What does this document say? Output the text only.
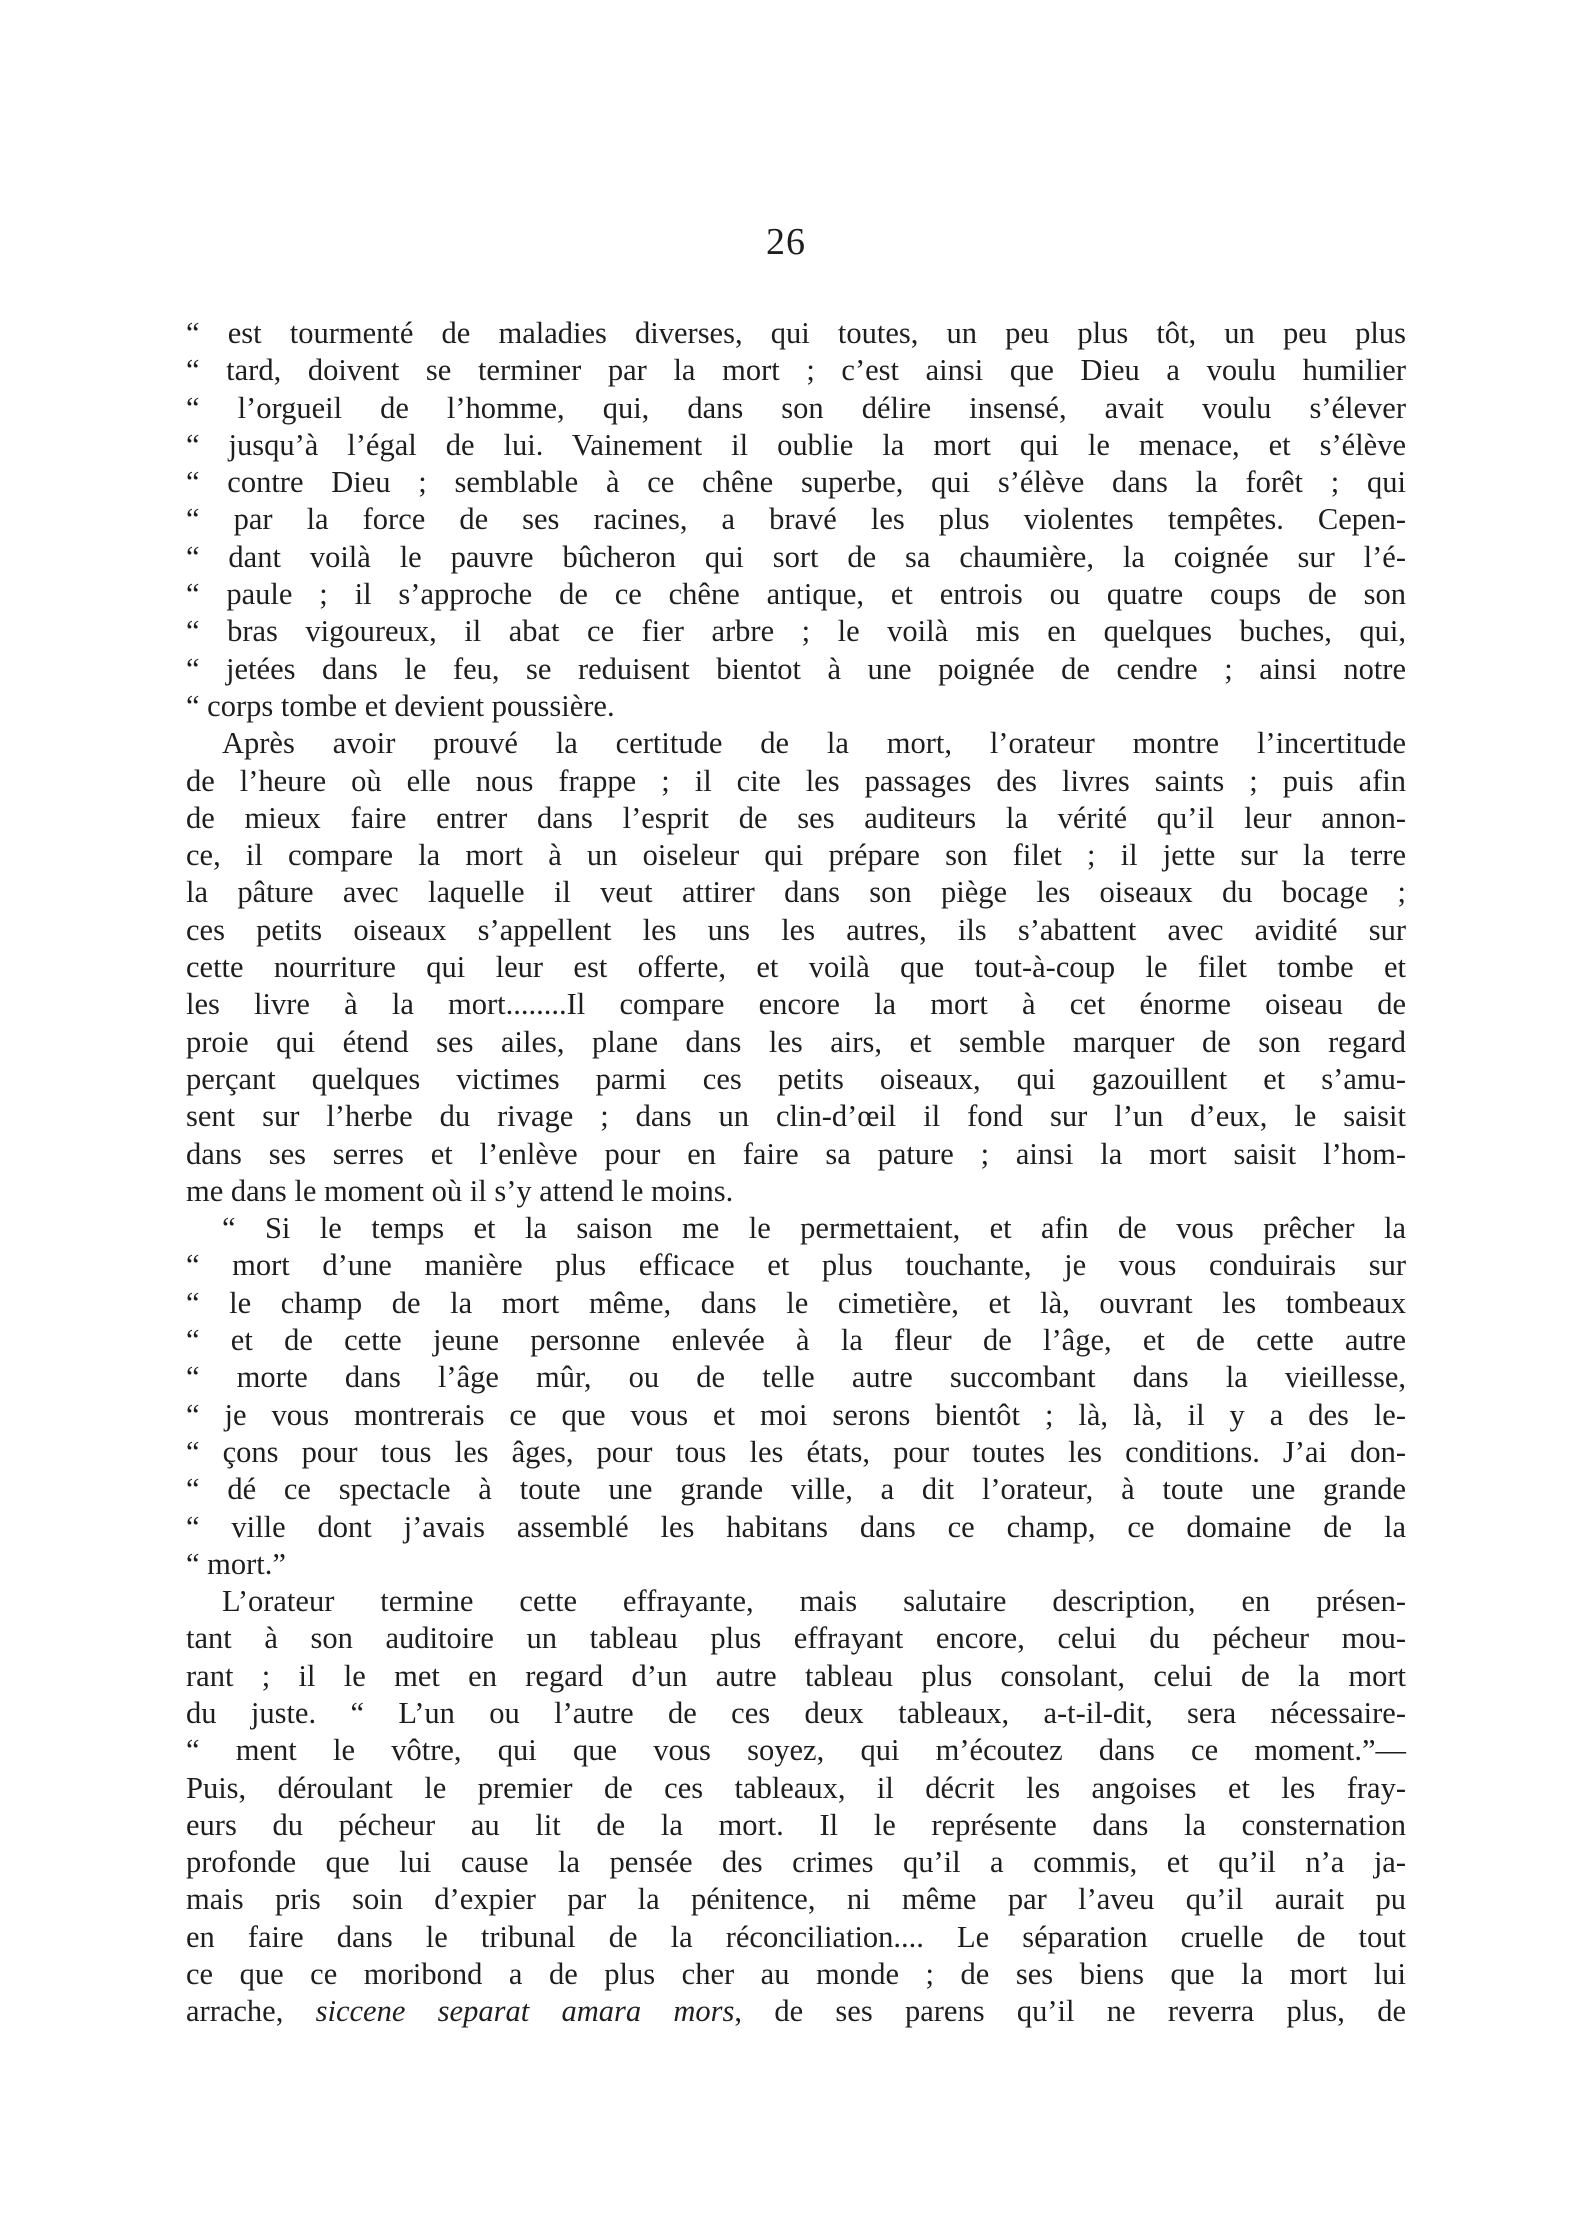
26
“ est tourmenté de maladies diverses, qui toutes, un peu plus tôt, un peu plus
“ tard, doivent se terminer par la mort ; c’est ainsi que Dieu a voulu humilier
“ l’orgueil de l’homme, qui, dans son délire insensé, avait voulu s’élever
“ jusqu’à l’égal de lui. Vainement il oublie la mort qui le menace, et s’élève
“ contre Dieu ; semblable à ce chêne superbe, qui s’élève dans la forêt ; qui
“ par la force de ses racines, a bravé les plus violentes tempêtes. Cepen-
“ dant voilà le pauvre bûcheron qui sort de sa chaumière, la coignée sur l’é-
“ paule ; il s’approche de ce chêne antique, et entrois ou quatre coups de son
“ bras vigoureux, il abat ce fier arbre ; le voilà mis en quelques buches, qui,
“ jetées dans le feu, se reduisent bientot à une poignée de cendre ; ainsi notre
“ corps tombe et devient poussière.
Après avoir prouvé la certitude de la mort, l’orateur montre l’incertitude
de l’heure où elle nous frappe ; il cite les passages des livres saints ; puis afin
de mieux faire entrer dans l’esprit de ses auditeurs la vérité qu’il leur annon-
ce, il compare la mort à un oiseleur qui prépare son filet ; il jette sur la terre
la pâture avec laquelle il veut attirer dans son piège les oiseaux du bocage ;
ces petits oiseaux s’appellent les uns les autres, ils s’abattent avec avidité sur
cette nourriture qui leur est offerte, et voilà que tout-à-coup le filet tombe et
les livre à la mort........Il compare encore la mort à cet énorme oiseau de
proie qui étend ses ailes, plane dans les airs, et semble marquer de son regard
perçant quelques victimes parmi ces petits oiseaux, qui gazouillent et s’amu-
sent sur l’herbe du rivage ; dans un clin-d’œil il fond sur l’un d’eux, le saisit
dans ses serres et l’enlève pour en faire sa pature ; ainsi la mort saisit l’hom-
me dans le moment où il s’y attend le moins.
“ Si le temps et la saison me le permettaient, et afin de vous prêcher la
“ mort d’une manière plus efficace et plus touchante, je vous conduirais sur
“ le champ de la mort même, dans le cimetière, et là, ouvrant les tombeaux
“ et de cette jeune personne enlevée à la fleur de l’âge, et de cette autre
“ morte dans l’âge mûr, ou de telle autre succombant dans la vieillesse,
“ je vous montrerais ce que vous et moi serons bientôt ; là, là, il y a des le-
“ çons pour tous les âges, pour tous les états, pour toutes les conditions. J’ai don-
“ dé ce spectacle à toute une grande ville, a dit l’orateur, à toute une grande
“ ville dont j’avais assemblé les habitans dans ce champ, ce domaine de la
“ mort.”
L’orateur termine cette effrayante, mais salutaire description, en présen-
tant à son auditoire un tableau plus effrayant encore, celui du pécheur mou-
rant ; il le met en regard d’un autre tableau plus consolant, celui de la mort
du juste. “ L’un ou l’autre de ces deux tableaux, a-t-il-dit, sera nécessaire-
“ ment le vôtre, qui que vous soyez, qui m’écoutez dans ce moment.”—
Puis, déroulant le premier de ces tableaux, il décrit les angoises et les fray-
eurs du pécheur au lit de la mort. Il le représente dans la consternation
profonde que lui cause la pensée des crimes qu’il a commis, et qu’il n’a ja-
mais pris soin d’expier par la pénitence, ni même par l’aveu qu’il aurait pu
en faire dans le tribunal de la réconciliation.... Le séparation cruelle de tout
ce que ce moribond a de plus cher au monde ; de ses biens que la mort lui
arrache, siccene separat amara mors, de ses parens qu’il ne reverra plus, de
